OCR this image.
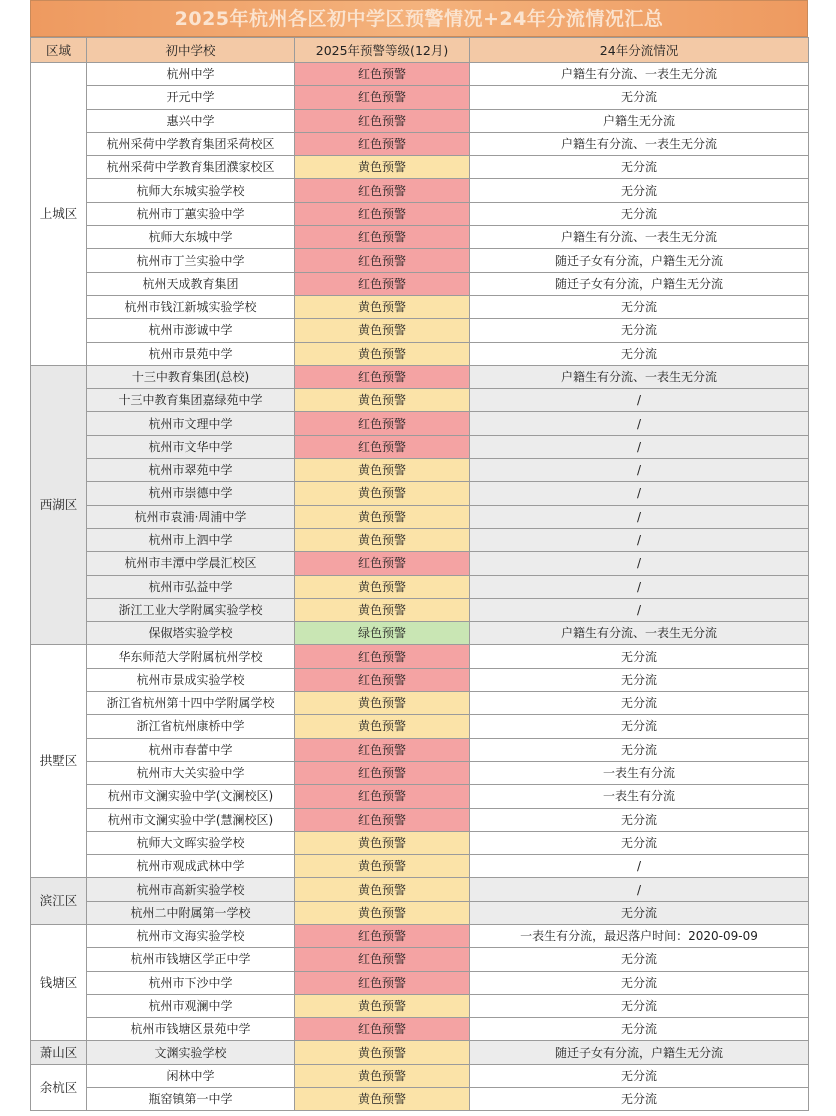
2025年杭州各区初中学区预警情况+24年分流情况汇总
区域	初中学校	2025年预警等级(12月)	24年分流情况
上城区	杭州中学	红色预警	户籍生有分流、一表生无分流
	开元中学	红色预警	无分流
	惠兴中学	红色预警	户籍生无分流
	杭州采荷中学教育集团采荷校区	红色预警	户籍生有分流、一表生无分流
	杭州采荷中学教育集团濮家校区	黄色预警	无分流
	杭师大东城实验学校	红色预警	无分流
	杭州市丁蕙实验中学	红色预警	无分流
	杭师大东城中学	红色预警	户籍生有分流、一表生无分流
	杭州市丁兰实验中学	红色预警	随迁子女有分流，户籍生无分流
	杭州天成教育集团	红色预警	随迁子女有分流，户籍生无分流
	杭州市钱江新城实验学校	黄色预警	无分流
	杭州市澎诚中学	黄色预警	无分流
	杭州市景苑中学	黄色预警	无分流
西湖区	十三中教育集团(总校)	红色预警	户籍生有分流、一表生无分流
	十三中教育集团嘉绿苑中学	黄色预警	/
	杭州市文理中学	红色预警	/
	杭州市文华中学	红色预警	/
	杭州市翠苑中学	黄色预警	/
	杭州市崇德中学	黄色预警	/
	杭州市袁浦·周浦中学	黄色预警	/
	杭州市上泗中学	黄色预警	/
	杭州市丰潭中学晨汇校区	红色预警	/
	杭州市弘益中学	黄色预警	/
	浙江工业大学附属实验学校	黄色预警	/
	保俶塔实验学校	绿色预警	户籍生有分流、一表生无分流
拱墅区	华东师范大学附属杭州学校	红色预警	无分流
	杭州市景成实验学校	红色预警	无分流
	浙江省杭州第十四中学附属学校	黄色预警	无分流
	浙江省杭州康桥中学	黄色预警	无分流
	杭州市春蕾中学	红色预警	无分流
	杭州市大关实验中学	红色预警	一表生有分流
	杭州市文澜实验中学(文澜校区)	红色预警	一表生有分流
	杭州市文澜实验中学(慧澜校区)	红色预警	无分流
	杭师大文晖实验学校	黄色预警	无分流
	杭州市观成武林中学	黄色预警	/
滨江区	杭州市高新实验学校	黄色预警	/
	杭州二中附属第一学校	黄色预警	无分流
钱塘区	杭州市文海实验学校	红色预警	一表生有分流，最迟落户时间：2020-09-09
	杭州市钱塘区学正中学	红色预警	无分流
	杭州市下沙中学	红色预警	无分流
	杭州市观澜中学	黄色预警	无分流
	杭州市钱塘区景苑中学	红色预警	无分流
萧山区	文渊实验学校	黄色预警	随迁子女有分流，户籍生无分流
余杭区	闲林中学	黄色预警	无分流
	瓶窑镇第一中学	黄色预警	无分流
